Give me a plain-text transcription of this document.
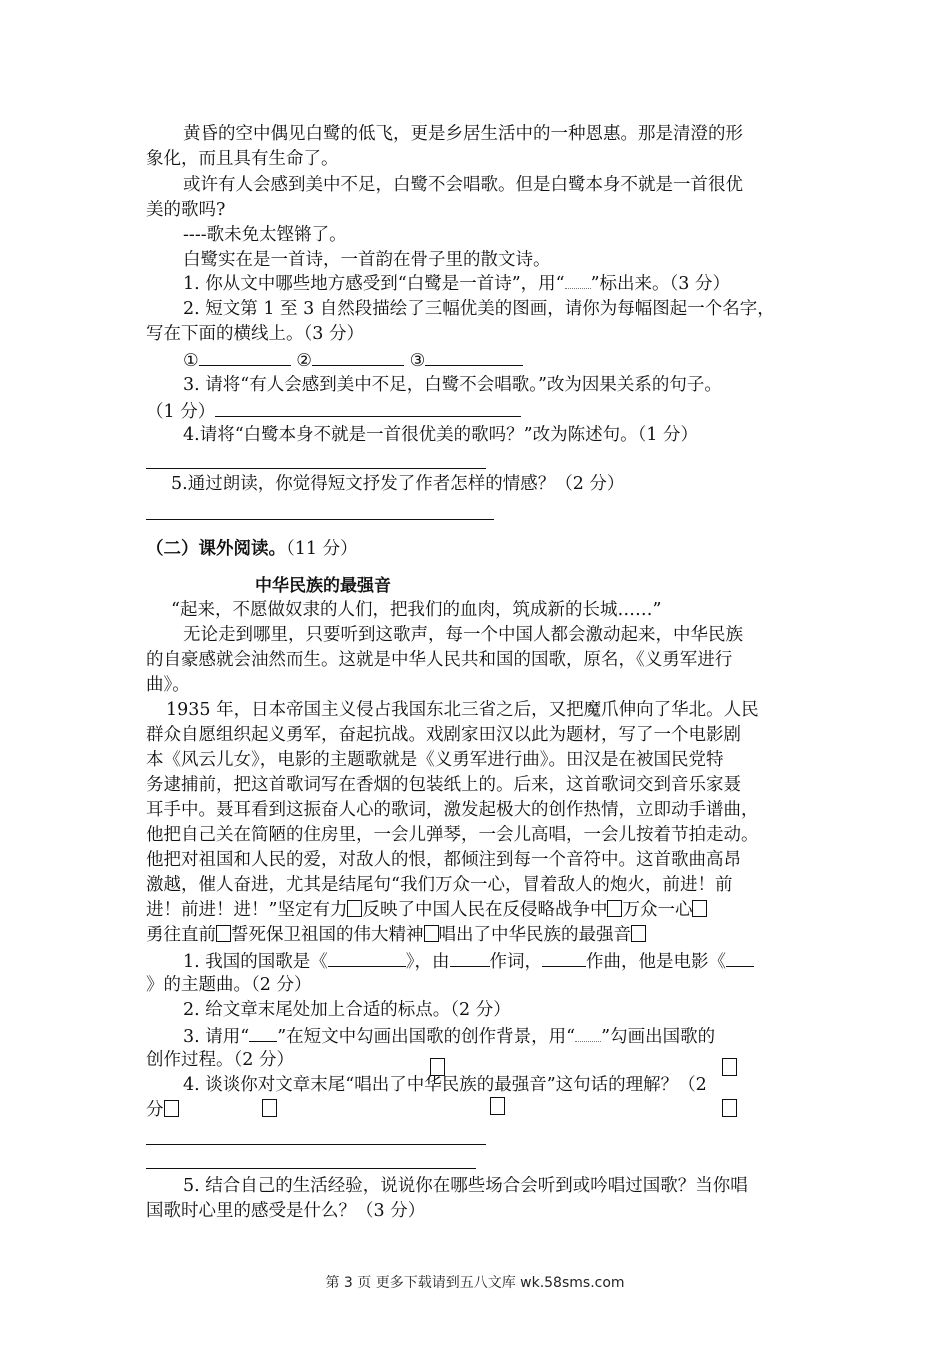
黄昏的空中偶见白鹭的低飞，更是乡居生活中的一种恩惠。那是清澄的形
象化，而且具有生命了。
或许有人会感到美中不足，白鹭不会唱歌。但是白鹭本身不就是一首很优
美的歌吗?
----歌未免太铿锵了。
白鹭实在是一首诗，一首韵在骨子里的散文诗。
1. 你从文中哪些地方感受到“白鹭是一首诗”，用“ ”标出来。（3 分）
2. 短文第 1 至 3 自然段描绘了三幅优美的图画，请你为每幅图起一个名字，
写在下面的横线上。（3 分）
①	②	③
3. 请将“有人会感到美中不足，白鹭不会唱歌。”改为因果关系的句子。
（1 分）
4.请将“白鹭本身不就是一首很优美的歌吗？”改为陈述句。（1 分）
5.通过朗读，你觉得短文抒发了作者怎样的情感？（2 分）
（二）课外阅读。（11 分）
中华民族的最强音
“起来，不愿做奴隶的人们，把我们的血肉，筑成新的长城……”
无论走到哪里，只要听到这歌声，每一个中国人都会激动起来，中华民族
的自豪感就会油然而生。这就是中华人民共和国的国歌，原名，《义勇军进行
曲》。
1935 年，日本帝国主义侵占我国东北三省之后，又把魔爪伸向了华北。人民
群众自愿组织起义勇军，奋起抗战。戏剧家田汉以此为题材，写了一个电影剧
本《风云儿女》，电影的主题歌就是《义勇军进行曲》。田汉是在被国民党特
务逮捕前，把这首歌词写在香烟的包装纸上的。后来，这首歌词交到音乐家聂
耳手中。聂耳看到这振奋人心的歌词，激发起极大的创作热情，立即动手谱曲，
他把自己关在简陋的住房里，一会儿弹琴，一会儿高唱，一会儿按着节拍走动。
他把对祖国和人民的爱，对敌人的恨，都倾注到每一个音符中。这首歌曲高昂
激越，催人奋进，尤其是结尾句“我们万众一心，冒着敌人的炮火，前进！前
进！前进！进！”坚定有力 反映了中国人民在反侵略战争中 万众一心
勇往直前 誓死保卫祖国的伟大精神 唱出了中华民族的最强音
1. 我国的国歌是《	》，由 作词，	作曲，他是电影《
》的主题曲。（2 分）
2. 给文章末尾处加上合适的标点。（2 分）
3. 请用“ ”在短文中勾画出国歌的创作背景，用“ ”勾画出国歌的
创作过程。（2 分）
4. 谈谈你对文章末尾“唱出了中华民族的最强音”这句话的理解？（2
分
5. 结合自己的生活经验，说说你在哪些场合会听到或吟唱过国歌？当你唱
国歌时心里的感受是什么？（3 分）
第 3 页 更多下载请到五八文库 wk.58sms.com
